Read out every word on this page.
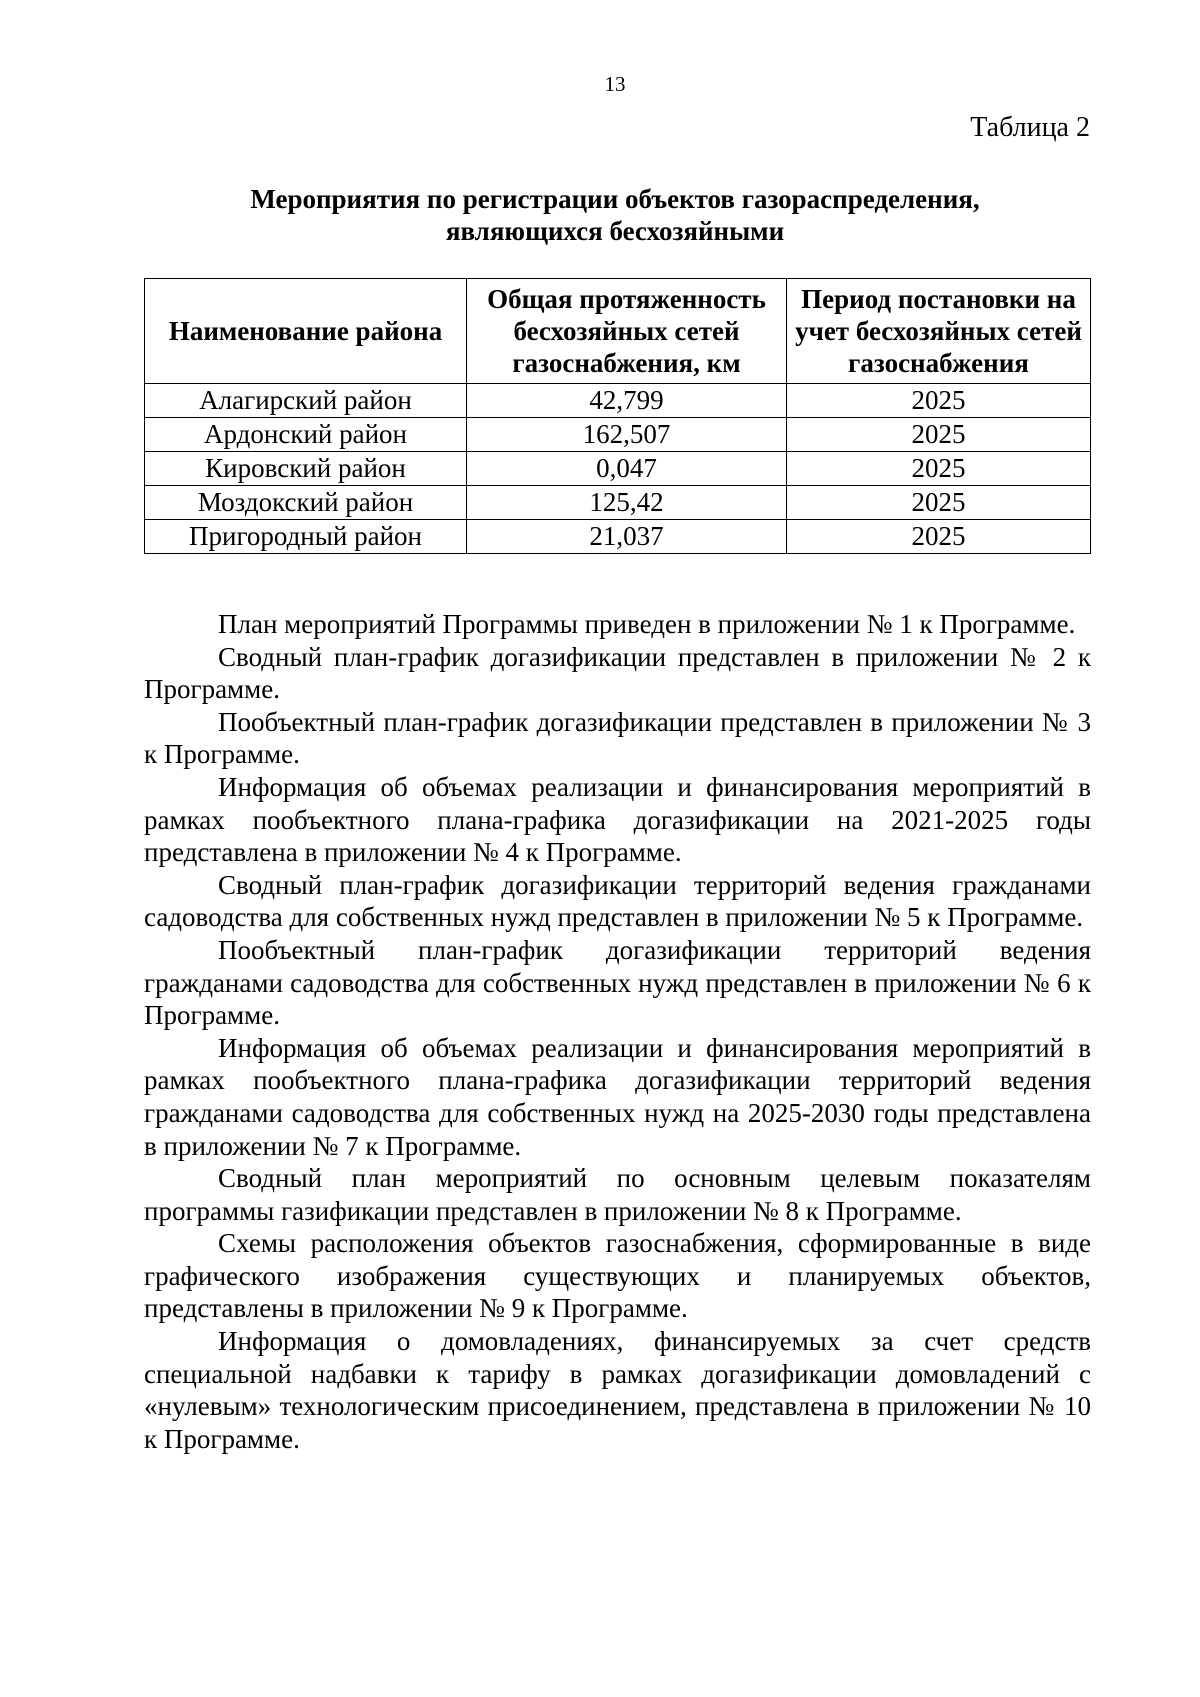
13
Таблица 2
Мероприятия по регистрации объектов газораспределения,
являющихся бесхозяйными
Наименование района	Общая протяженность бесхозяйных сетей газоснабжения, км	Период постановки на учет бесхозяйных сетей газоснабжения
Алагирский район	42,799	2025
Ардонский район	162,507	2025
Кировский район	0,047	2025
Моздокский район	125,42	2025
Пригородный район	21,037	2025

План мероприятий Программы приведен в приложении № 1 к Программе.

Сводный план-график догазификации представлен в приложении № 2 к Программе.

Пообъектный план-график догазификации представлен в приложении № 3 к Программе.

Информация об объемах реализации и финансирования мероприятий в рамках пообъектного плана-графика догазификации на 2021-2025 годы представлена в приложении № 4 к Программе.

Сводный план-график догазификации территорий ведения гражданами садоводства для собственных нужд представлен в приложении № 5 к Программе.

Пообъектный план-график догазификации территорий ведения гражданами садоводства для собственных нужд представлен в приложении № 6 к Программе.

Информация об объемах реализации и финансирования мероприятий в рамках пообъектного плана-графика догазификации территорий ведения гражданами садоводства для собственных нужд на 2025-2030 годы представлена в приложении № 7 к Программе.

Сводный план мероприятий по основным целевым показателям программы газификации представлен в приложении № 8 к Программе.

Схемы расположения объектов газоснабжения, сформированные в виде графического изображения существующих и планируемых объектов, представлены в приложении № 9 к Программе.

Информация о домовладениях, финансируемых за счет средств специальной надбавки к тарифу в рамках догазификации домовладений с «нулевым» технологическим присоединением, представлена в приложении № 10 к Программе.
